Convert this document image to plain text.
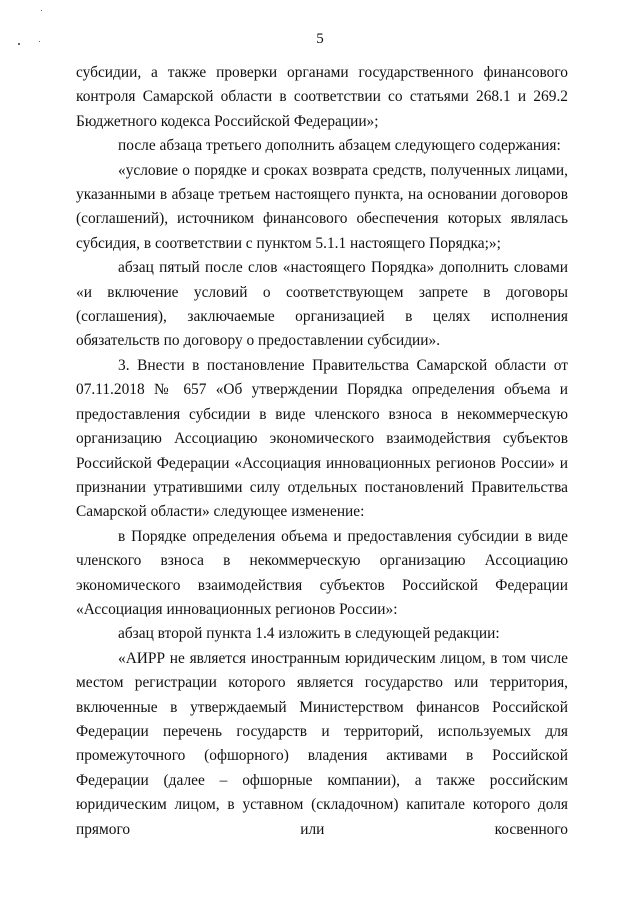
5

субсидии, а также проверки органами государственного финансового контроля Самарской области в соответствии со статьями 268.1 и 269.2 Бюджетного кодекса Российской Федерации»;

после абзаца третьего дополнить абзацем следующего содержания:

«условие о порядке и сроках возврата средств, полученных лицами, указанными в абзаце третьем настоящего пункта, на основании договоров (соглашений), источником финансового обеспечения которых являлась субсидия, в соответствии с пунктом 5.1.1 настоящего Порядка;»;

абзац пятый после слов «настоящего Порядка» дополнить словами «и включение условий о соответствующем запрете в договоры (соглашения), заключаемые организацией в целях исполнения обязательств по договору о предоставлении субсидии».

3. Внести в постановление Правительства Самарской области от 07.11.2018 № 657 «Об утверждении Порядка определения объема и предоставления субсидии в виде членского взноса в некоммерческую организацию Ассоциацию экономического взаимодействия субъектов Российской Федерации «Ассоциация инновационных регионов России» и признании утратившими силу отдельных постановлений Правительства Самарской области» следующее изменение:

в Порядке определения объема и предоставления субсидии в виде членского взноса в некоммерческую организацию Ассоциацию экономического взаимодействия субъектов Российской Федерации «Ассоциация инновационных регионов России»:

абзац второй пункта 1.4 изложить в следующей редакции:

«АИРР не является иностранным юридическим лицом, в том числе местом регистрации которого является государство или территория, включенные в утверждаемый Министерством финансов Российской Федерации перечень государств и территорий, используемых для промежуточного (офшорного) владения активами в Российской Федерации (далее – офшорные компании), а также российским юридическим лицом, в уставном (складочном) капитале которого доля прямого или косвенного
